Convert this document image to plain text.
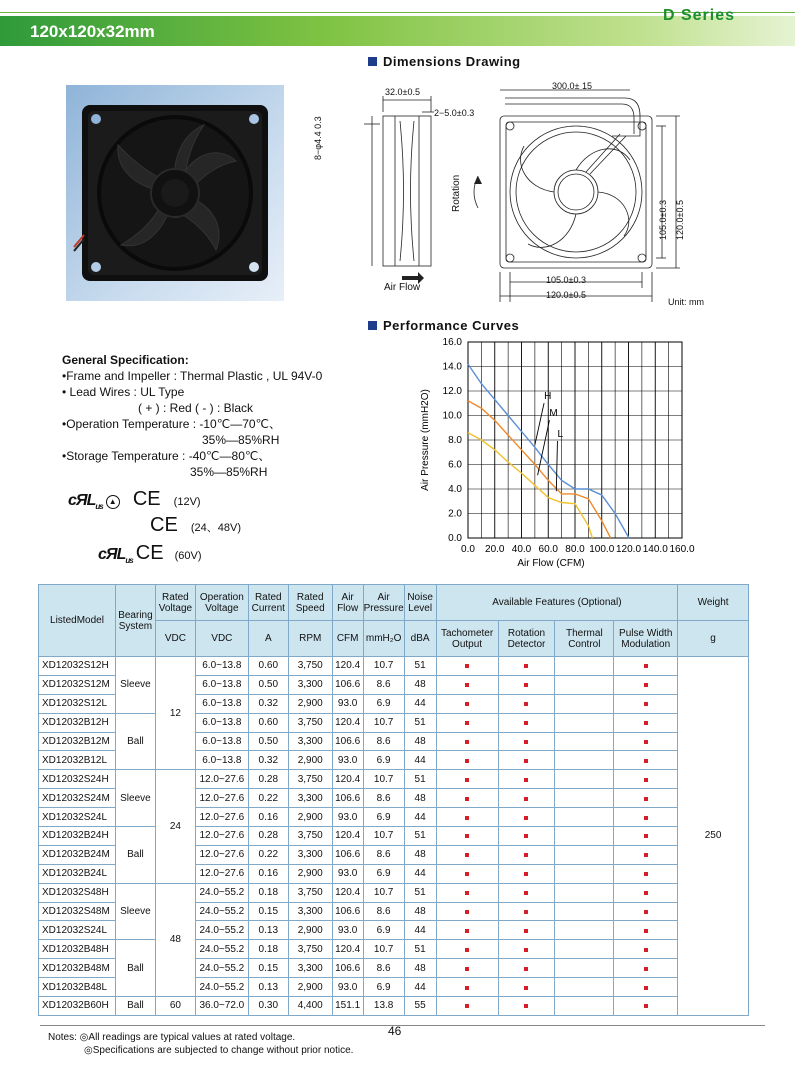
120x120x32mm
D Series
Dimensions Drawing
32.0±0.5
2−5.0±0.3
300.0± 15
8−φ4.4 0.3
Rotation
Air Flow
105.0±0.3 120.0±0.5
105.0±0.3
120.0±0.5
Unit: mm
Performance Curves
0.0 20.0 40.0 60.0 80.0 100.0 120.0 140.0 160.0
0.0
2.0
4.0
6.0
8.0
10.0
12.0
14.0
16.0
Air Flow (CFM)
Air Pressure (mmH2O)	H
M
L
General Specification:
•Frame and Impeller : Thermal Plastic , UL 94V-0
• Lead Wires : UL Type
( + ) : Red ( - ) : Black
•Operation Temperature : -10℃—70℃、
35%—85%RH
•Storage Temperature : -40℃—80℃、
35%—85%RH
cЯL$_{us}$ ▲ CE (12V)
CE (24、48V)
cЯL$_{us}$ CE (60V)
ListedModel	Bearing System	Rated Voltage	Operation Voltage	Rated Current	Rated Speed	Air Flow	Air Pressure	Noise Level	Available Features (Optional)				Weight
		VDC	VDC	A	RPM	CFM	mmH₂O	dBA	Tachometer Output	Rotation Detector	Thermal Control	Pulse Width Modulation	g
XD12032S12H	Sleeve	12	6.0~13.8	0.60	3,750	120.4	10.7	51					250
XD12032S12M			6.0~13.8	0.50	3,300	106.6	8.6	48					
XD12032S12L			6.0~13.8	0.32	2,900	93.0	6.9	44					
XD12032B12H	Ball		6.0~13.8	0.60	3,750	120.4	10.7	51					
XD12032B12M			6.0~13.8	0.50	3,300	106.6	8.6	48					
XD12032B12L			6.0~13.8	0.32	2,900	93.0	6.9	44					
XD12032S24H	Sleeve	24	12.0~27.6	0.28	3,750	120.4	10.7	51					
XD12032S24M			12.0~27.6	0.22	3,300	106.6	8.6	48					
XD12032S24L			12.0~27.6	0.16	2,900	93.0	6.9	44					
XD12032B24H	Ball		12.0~27.6	0.28	3,750	120.4	10.7	51					
XD12032B24M			12.0~27.6	0.22	3,300	106.6	8.6	48					
XD12032B24L			12.0~27.6	0.16	2,900	93.0	6.9	44					
XD12032S48H	Sleeve	48	24.0~55.2	0.18	3,750	120.4	10.7	51					
XD12032S48M			24.0~55.2	0.15	3,300	106.6	8.6	48					
XD12032S24L			24.0~55.2	0.13	2,900	93.0	6.9	44					
XD12032B48H	Ball		24.0~55.2	0.18	3,750	120.4	10.7	51					
XD12032B48M			24.0~55.2	0.15	3,300	106.6	8.6	48					
XD12032B48L			24.0~55.2	0.13	2,900	93.0	6.9	44					
XD12032B60H	Ball	60	36.0~72.0	0.30	4,400	151.1	13.8	55					
46
Notes: ◎All readings are typical values at rated voltage.
◎Specifications are subjected to change without prior notice.
